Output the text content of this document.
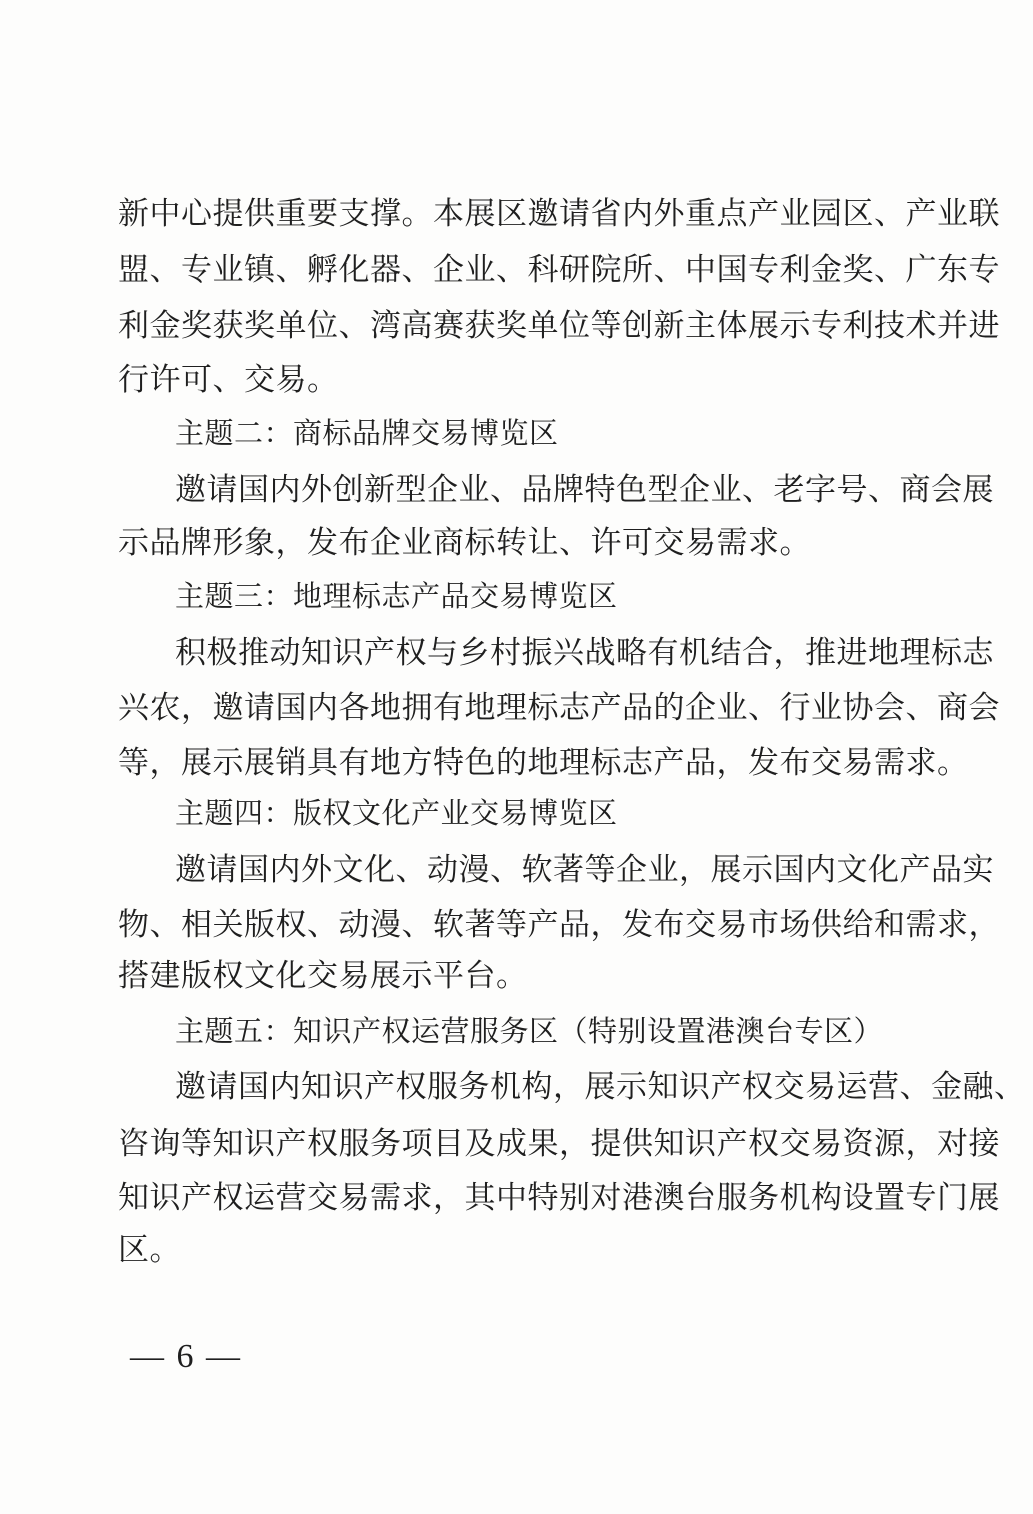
新中心提供重要支撑。本展区邀请省内外重点产业园区、产业联
盟、专业镇、孵化器、企业、科研院所、中国专利金奖、广东专
利金奖获奖单位、湾高赛获奖单位等创新主体展示专利技术并进
行许可、交易。
主题二：商标品牌交易博览区
邀请国内外创新型企业、品牌特色型企业、老字号、商会展
示品牌形象，发布企业商标转让、许可交易需求。
主题三：地理标志产品交易博览区
积极推动知识产权与乡村振兴战略有机结合，推进地理标志
兴农，邀请国内各地拥有地理标志产品的企业、行业协会、商会
等，展示展销具有地方特色的地理标志产品，发布交易需求。
主题四：版权文化产业交易博览区
邀请国内外文化、动漫、软著等企业，展示国内文化产品实
物、相关版权、动漫、软著等产品，发布交易市场供给和需求，
搭建版权文化交易展示平台。
主题五：知识产权运营服务区（特别设置港澳台专区）
邀请国内知识产权服务机构，展示知识产权交易运营、金融、
咨询等知识产权服务项目及成果，提供知识产权交易资源，对接
知识产权运营交易需求，其中特别对港澳台服务机构设置专门展
区。
— 6 —
